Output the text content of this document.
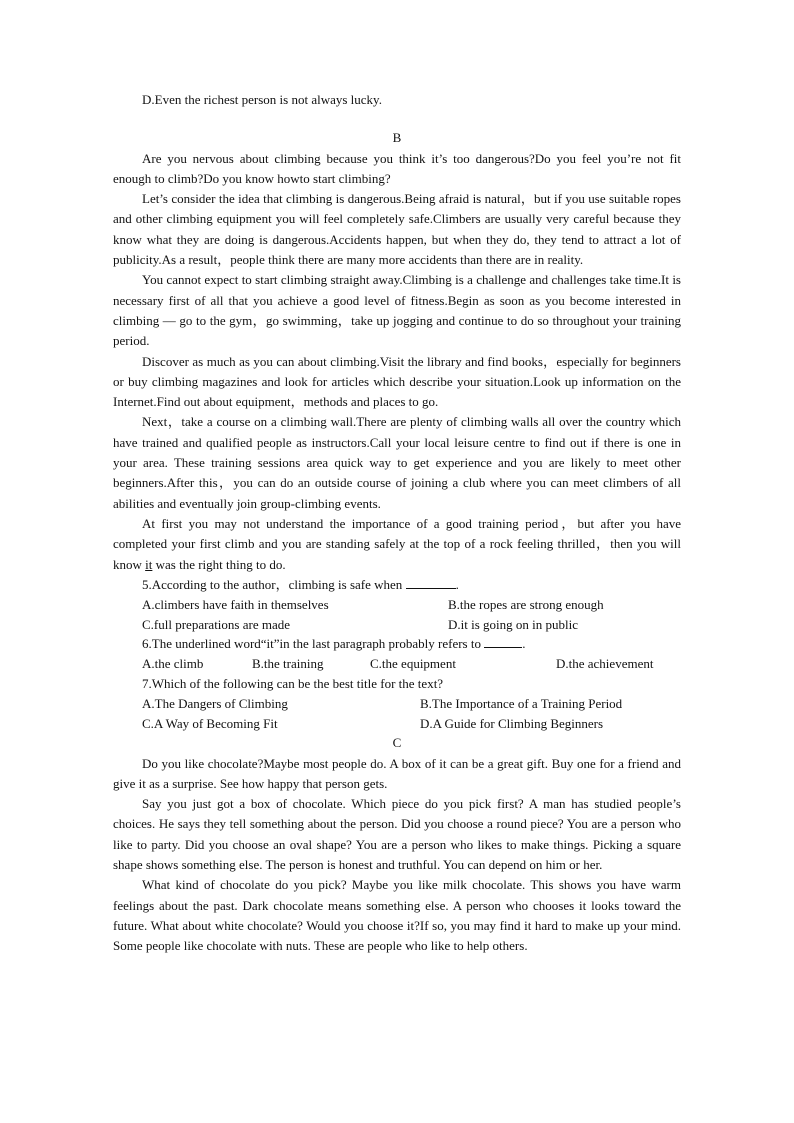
D.Even the richest person is not always lucky.

B

Are you nervous about climbing because you think it’s too dangerous?Do you feel you’re not fit enough to climb?Do you know howto start climbing?

Let’s consider the idea that climbing is dangerous.Being afraid is natural，but if you use suitable ropes and other climbing equipment you will feel completely safe.Climbers are usually very careful because they know what they are doing is dangerous.Accidents happen, but when they do, they tend to attract a lot of publicity.As a result，people think there are many more accidents than there are in reality.

You cannot expect to start climbing straight away.Climbing is a challenge and challenges take time.It is necessary first of all that you achieve a good level of fitness.Begin as soon as you become interested in climbing — go to the gym，go swimming，take up jogging and continue to do so throughout your training period.

Discover as much as you can about climbing.Visit the library and find books，especially for beginners or buy climbing magazines and look for articles which describe your situation.Look up information on the Internet.Find out about equipment，methods and places to go.

Next，take a course on a climbing wall.There are plenty of climbing walls all over the country which have trained and qualified people as instructors.Call your local leisure centre to find out if there is one in your area. These training sessions area quick way to get experience and you are likely to meet other beginners.After this，you can do an outside course of joining a club where you can meet climbers of all abilities and eventually join group-climbing events.

At first you may not understand the importance of a good training period，but after you have completed your first climb and you are standing safely at the top of a rock feeling thrilled，then you will know it was the right thing to do.

5.According to the author，climbing is safe when	.

A.climbers have faith in themselves	B.the ropes are strong enough
C.full preparations are made	D.it is going on in public

6.The underlined word“it”in the last paragraph probably refers to	.

A.the climb	B.the training	C.the equipment	D.the achievement

7.Which of the following can be the best title for the text?

A.The Dangers of Climbing	B.The Importance of a Training Period
C.A Way of Becoming Fit	D.A Guide for Climbing Beginners

C

Do you like chocolate?Maybe most people do. A box of it can be a great gift. Buy one for a friend and give it as a surprise. See how happy that person gets.

Say you just got a box of chocolate. Which piece do you pick first? A man has studied people’s choices. He says they tell something about the person. Did you choose a round piece? You are a person who like to party. Did you choose an oval shape? You are a person who likes to make things. Picking a square shape shows something else. The person is honest and truthful. You can depend on him or her.

What kind of chocolate do you pick? Maybe you like milk chocolate. This shows you have warm feelings about the past. Dark chocolate means something else. A person who chooses it looks toward the future. What about white chocolate? Would you choose it?If so, you may find it hard to make up your mind. Some people like chocolate with nuts. These are people who like to help others.
